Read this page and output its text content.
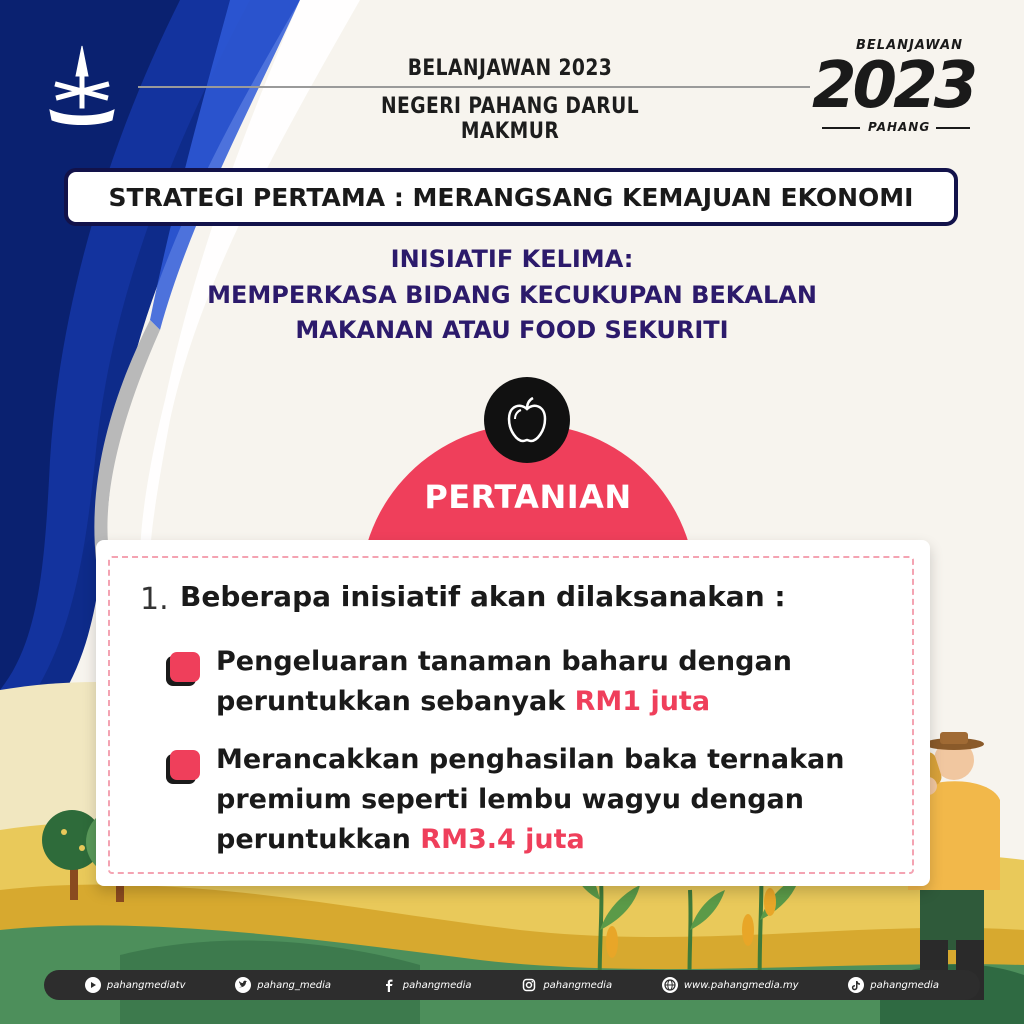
BELANJAWAN 2023
NEGERI PAHANG DARUL MAKMUR
BELANJAWAN
2023
PAHANG
STRATEGI PERTAMA : MERANGSANG KEMAJUAN EKONOMI
INISIATIF KELIMA:
MEMPERKASA BIDANG KECUKUPAN BEKALAN
MAKANAN ATAU FOOD SEKURITI
PERTANIAN
1. Beberapa inisiatif akan dilaksanakan :
Pengeluaran tanaman baharu dengan
peruntukkan sebanyak RM1 juta
Merancakkan penghasilan baka ternakan
premium seperti lembu wagyu dengan
peruntukkan RM3.4 juta
pahangmediatv	pahang_media	pahangmedia	pahangmedia	www.pahangmedia.my	pahangmedia
